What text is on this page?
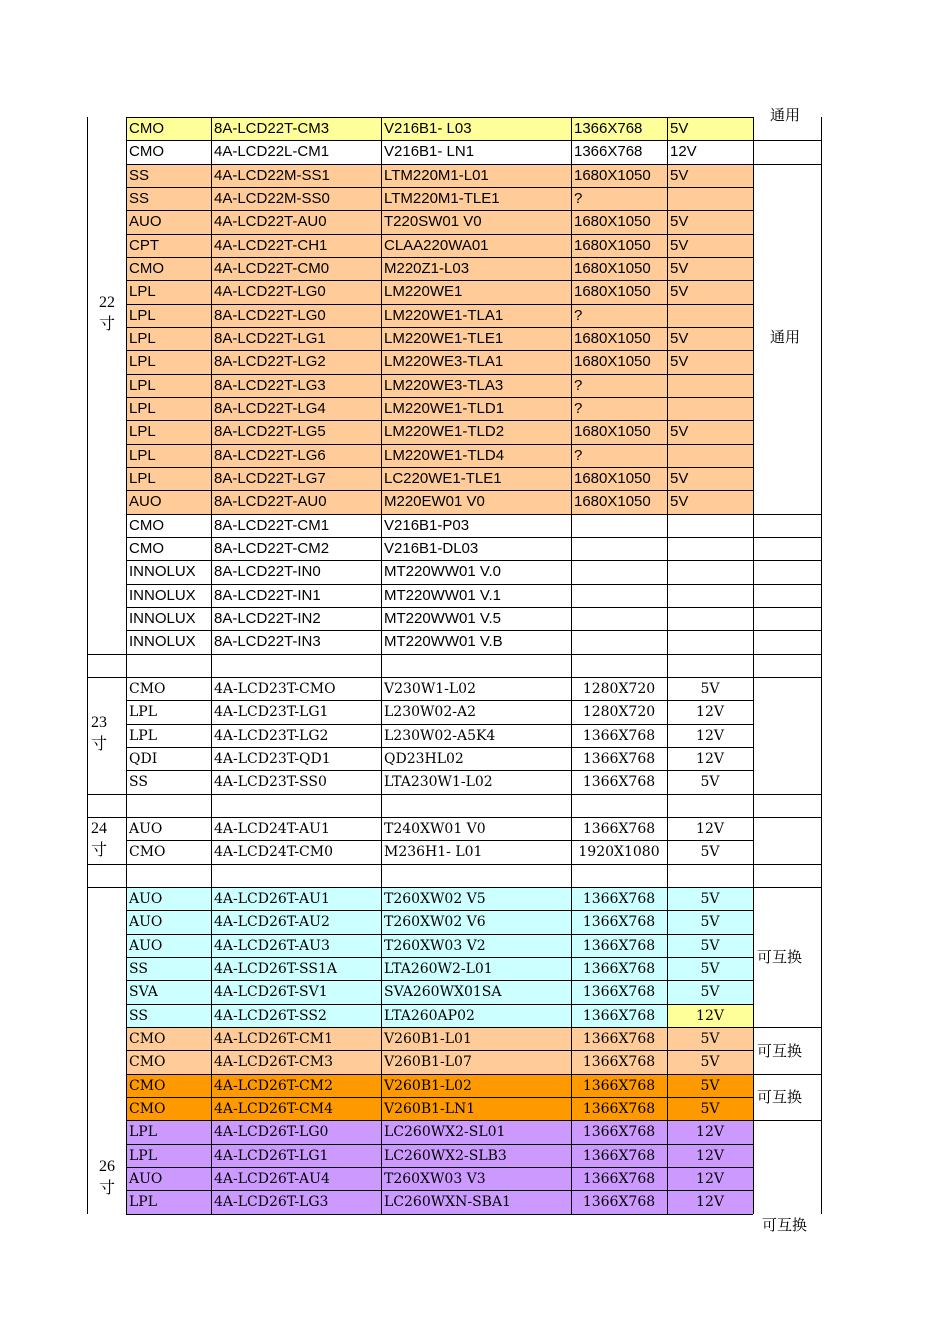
CMO	8A-LCD22T-CM3	V216B1- L03	1366X768 5V
CMO	4A-LCD22L-CM1	V216B1- LN1	1366X768 12V
SS	4A-LCD22M-SS1	LTM220M1-L01	1680X1050 5V
SS	4A-LCD22M-SS0	LTM220M1-TLE1	?
AUO	4A-LCD22T-AU0	T220SW01 V0	1680X1050 5V
CPT	4A-LCD22T-CH1	CLAA220WA01	1680X1050 5V
CMO	4A-LCD22T-CM0	M220Z1-L03	1680X1050 5V
LPL	4A-LCD22T-LG0	LM220WE1	1680X1050 5V
LPL	8A-LCD22T-LG0	LM220WE1-TLA1	?
LPL	8A-LCD22T-LG1	LM220WE1-TLE1	1680X1050 5V
LPL	8A-LCD22T-LG2	LM220WE3-TLA1	1680X1050 5V
LPL	8A-LCD22T-LG3	LM220WE3-TLA3	?
LPL	8A-LCD22T-LG4	LM220WE1-TLD1	?
LPL	8A-LCD22T-LG5	LM220WE1-TLD2	1680X1050 5V
LPL	8A-LCD22T-LG6	LM220WE1-TLD4	?
LPL	8A-LCD22T-LG7	LC220WE1-TLE1	1680X1050 5V
AUO	8A-LCD22T-AU0	M220EW01 V0	1680X1050 5V
CMO	8A-LCD22T-CM1	V216B1-P03
CMO	8A-LCD22T-CM2	V216B1-DL03
INNOLUX 8A-LCD22T-IN0	MT220WW01 V.0
INNOLUX 8A-LCD22T-IN1	MT220WW01 V.1
INNOLUX 8A-LCD22T-IN2	MT220WW01 V.5
INNOLUX 8A-LCD22T-IN3	MT220WW01 V.B
CMO	4A-LCD23T-CMO	V230W1-L02	1280X720	5V
LPL	4A-LCD23T-LG1	L230W02-A2	1280X720	12V
LPL	4A-LCD23T-LG2	L230W02-A5K4	1366X768	12V
QDI	4A-LCD23T-QD1	QD23HL02	1366X768	12V
SS	4A-LCD23T-SS0	LTA230W1-L02	1366X768	5V
AUO	4A-LCD24T-AU1	T240XW01 V0	1366X768	12V
CMO	4A-LCD24T-CM0	M236H1- L01	1920X1080	5V
AUO	4A-LCD26T-AU1	T260XW02 V5	1366X768	5V
AUO	4A-LCD26T-AU2	T260XW02 V6	1366X768	5V
AUO	4A-LCD26T-AU3	T260XW03 V2	1366X768	5V
SS	4A-LCD26T-SS1A	LTA260W2-L01	1366X768	5V
SVA	4A-LCD26T-SV1	SVA260WX01SA	1366X768	5V
SS	4A-LCD26T-SS2	LTA260AP02	1366X768	12V
CMO	4A-LCD26T-CM1	V260B1-L01	1366X768	5V
CMO	4A-LCD26T-CM3	V260B1-L07	1366X768	5V
CMO	4A-LCD26T-CM2	V260B1-L02	1366X768	5V
CMO	4A-LCD26T-CM4	V260B1-LN1	1366X768	5V
LPL	4A-LCD26T-LG0	LC260WX2-SL01	1366X768	12V
LPL	4A-LCD26T-LG1	LC260WX2-SLB3	1366X768	12V
AUO	4A-LCD26T-AU4	T260XW03 V3	1366X768	12V
LPL	4A-LCD26T-LG3	LC260WXN-SBA1	1366X768	12V
22
寸
23
寸
24
寸
26
寸
通用
通用
可互换
可互换
可互换
可互换
